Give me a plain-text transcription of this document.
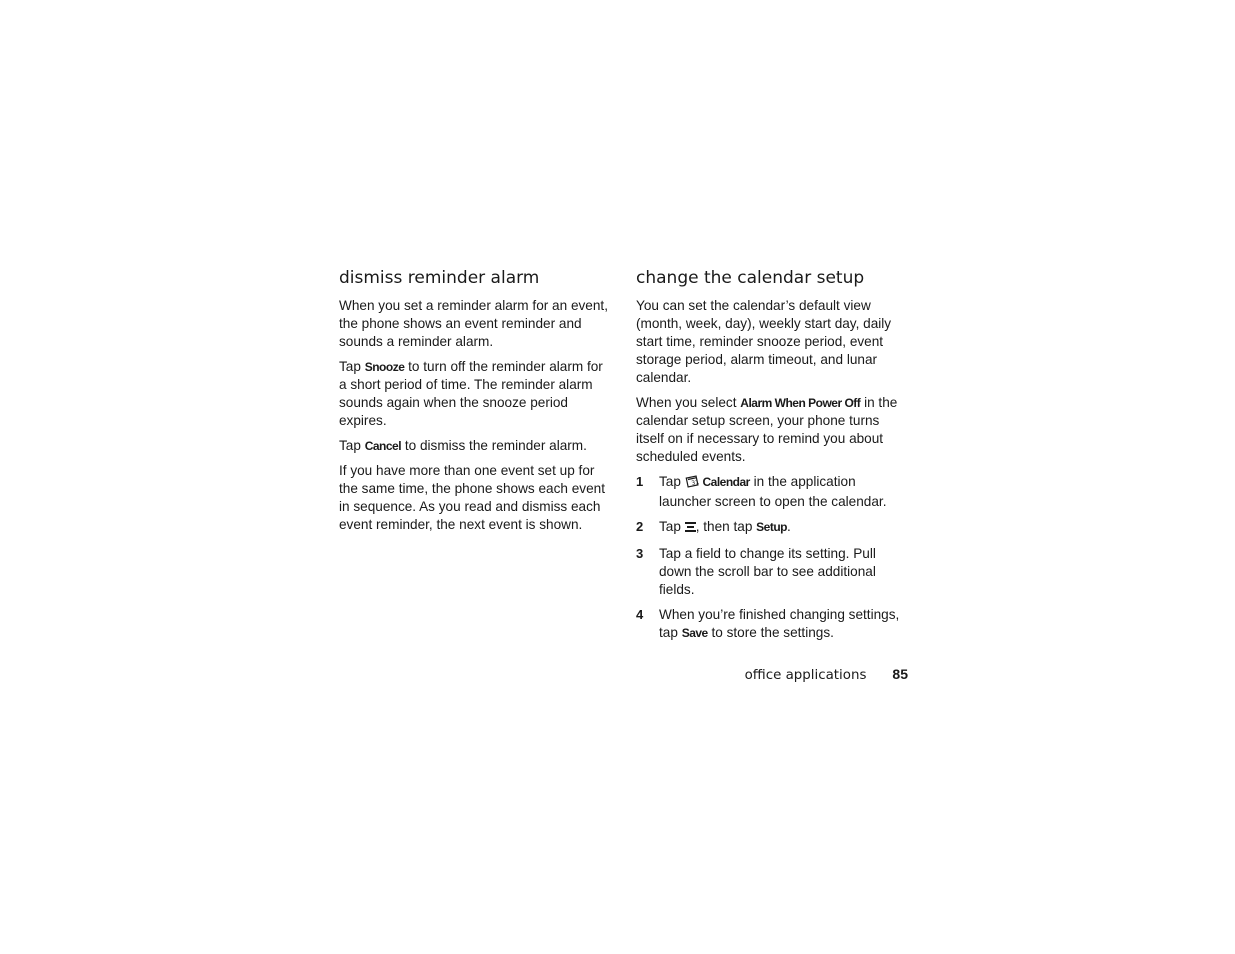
dismiss reminder alarm

When you set a reminder alarm for an event, the phone shows an event reminder and sounds a reminder alarm.

Tap Snooze to turn off the reminder alarm for a short period of time. The reminder alarm sounds again when the snooze period expires.

Tap Cancel to dismiss the reminder alarm.

If you have more than one event set up for the same time, the phone shows each event in sequence. As you read and dismiss each event reminder, the next event is shown.

change the calendar setup

You can set the calendar’s default view (month, week, day), weekly start day, daily start time, reminder snooze period, event storage period, alarm timeout, and lunar calendar.

When you select Alarm When Power Off in the calendar setup screen, your phone turns itself on if necessary to remind you about scheduled events.

1 Tap 31 Calendar in the application launcher screen to open the calendar.
2 Tap , then tap Setup.
3 Tap a field to change its setting. Pull down the scroll bar to see additional fields.
4 When you’re finished changing settings, tap Save to store the settings.
office applications 85
